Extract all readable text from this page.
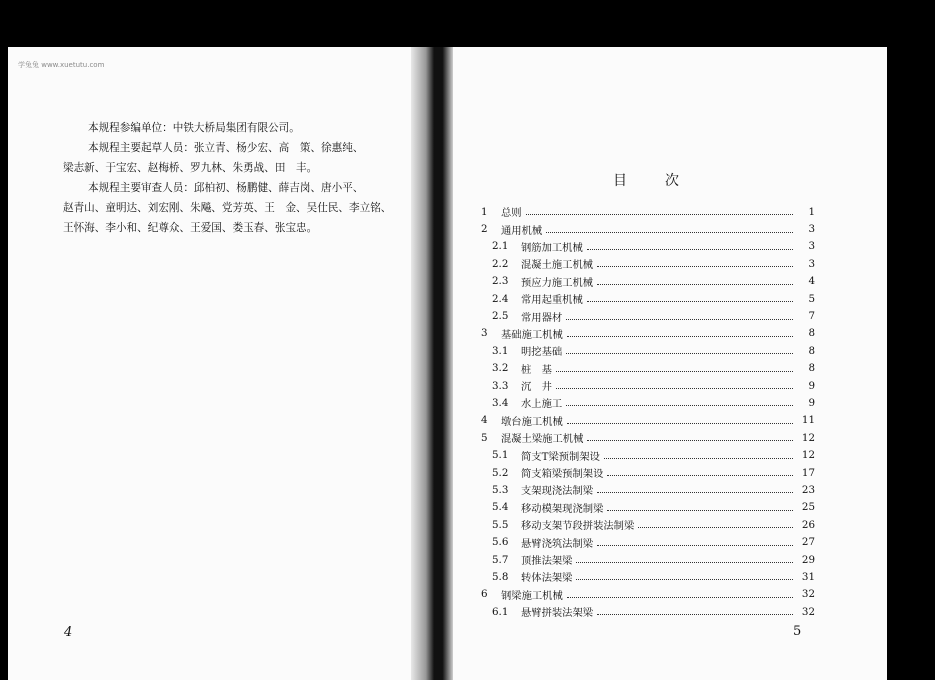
学兔兔 www.xuetutu.com

本规程参编单位：中铁大桥局集团有限公司。

本规程主要起草人员：张立青、杨少宏、高　策、徐惠纯、

梁志新、于宝宏、赵梅桥、罗九林、朱勇战、田　丰。

本规程主要审查人员：邱柏初、杨鹏健、薛吉岗、唐小平、

赵青山、童明达、刘宏刚、朱飚、党芳英、王　金、吴仕民、李立铭、

王怀海、李小和、纪尊众、王爱国、娄玉春、张宝忠。

4
目次
1	总则	1
2	通用机械	3
2.1	钢筋加工机械	3
2.2	混凝土施工机械	3
2.3	预应力施工机械	4
2.4	常用起重机械	5
2.5	常用器材	7
3	基础施工机械	8
3.1	明挖基础	8
3.2	桩　基	8
3.3	沉　井	9
3.4	水上施工	9
4	墩台施工机械	11
5	混凝土梁施工机械	12
5.1	简支T梁预制架设	12
5.2	简支箱梁预制架设	17
5.3	支架现浇法制梁	23
5.4	移动模架现浇制梁	25
5.5	移动支架节段拼装法制梁	26
5.6	悬臂浇筑法制梁	27
5.7	顶推法架梁	29
5.8	转体法架梁	31
6	钢梁施工机械	32
6.1	悬臂拼装法架梁	32
5
